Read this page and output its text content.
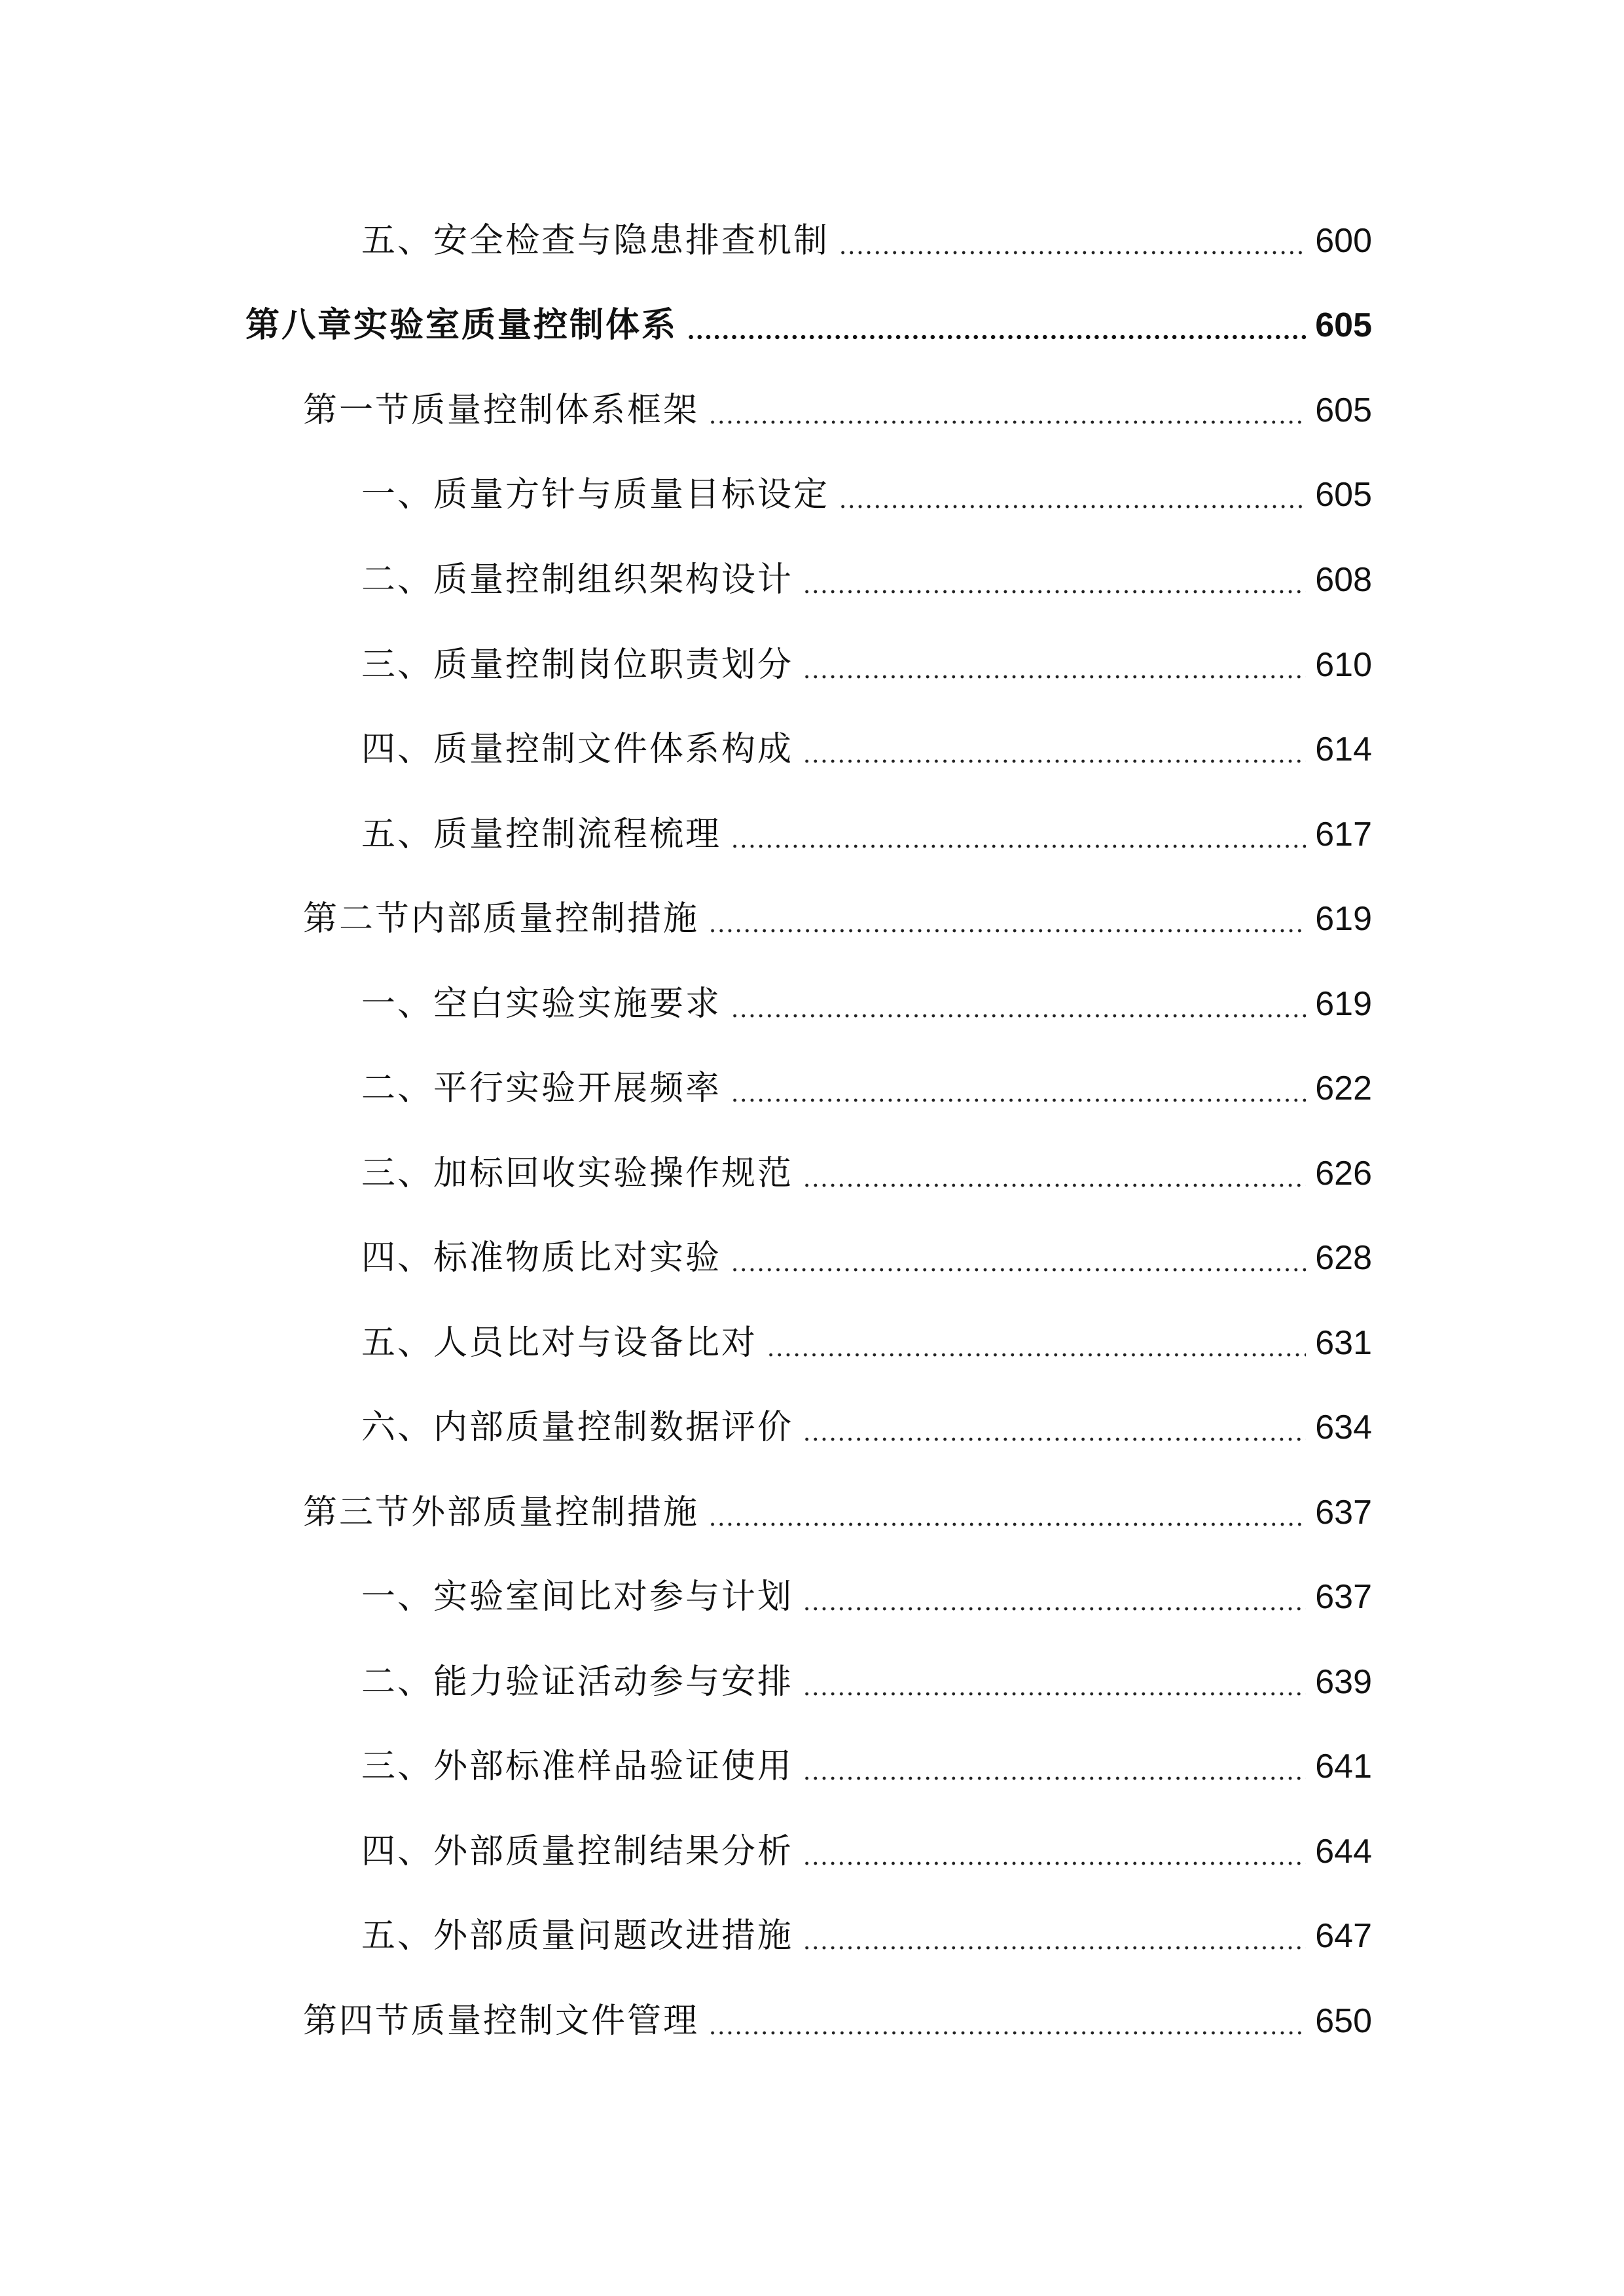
五、安全检查与隐患排查机制	600
第八章实验室质量控制体系	605
第一节质量控制体系框架	605
一、质量方针与质量目标设定	605
二、质量控制组织架构设计	608
三、质量控制岗位职责划分	610
四、质量控制文件体系构成	614
五、质量控制流程梳理	617
第二节内部质量控制措施	619
一、空白实验实施要求	619
二、平行实验开展频率	622
三、加标回收实验操作规范	626
四、标准物质比对实验	628
五、人员比对与设备比对	631
六、内部质量控制数据评价	634
第三节外部质量控制措施	637
一、实验室间比对参与计划	637
二、能力验证活动参与安排	639
三、外部标准样品验证使用	641
四、外部质量控制结果分析	644
五、外部质量问题改进措施	647
第四节质量控制文件管理	650
